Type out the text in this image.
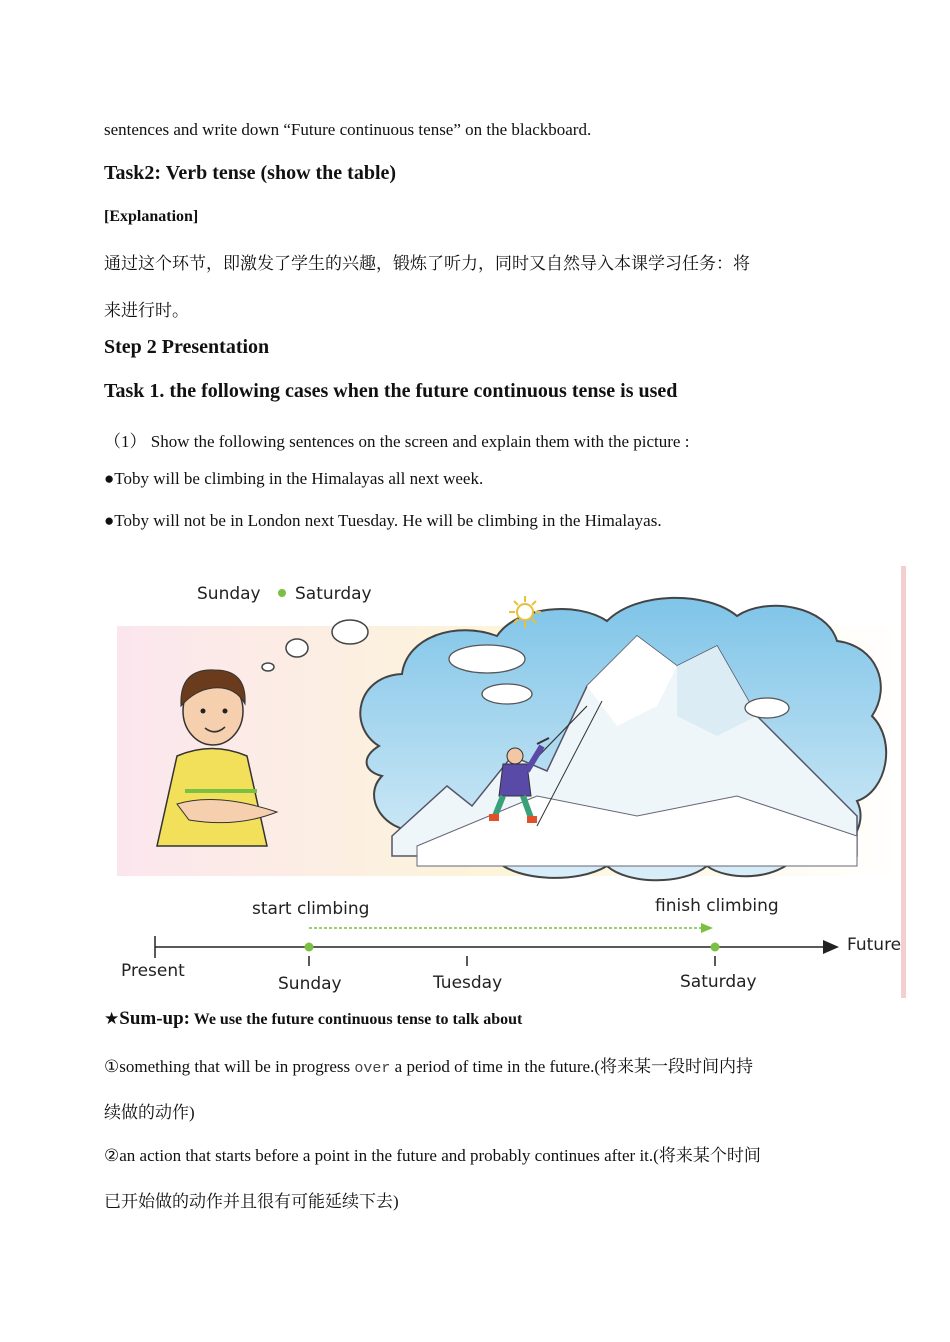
sentences and write down “Future continuous tense” on the blackboard.
Task2: Verb tense (show the table)
[Explanation]
通过这个环节，即激发了学生的兴趣，锻炼了听力，同时又自然导入本课学习任务：将
来进行时。
Step 2 Presentation
Task 1. the following cases when the future continuous tense is used
（1） Show the following sentences on the screen and explain them with the picture :
●Toby will be climbing in the Himalayas all next week.
●Toby will not be in London next Tuesday. He will be climbing in the Himalayas.
Sunday Saturday
start climbing	finish climbing
Present
Future
Sunday	Tuesday	Saturday
★Sum-up: We use the future continuous tense to talk about
①something that will be in progress over a period of time in the future.(将来某一段时间内持
续做的动作)
②an action that starts before a point in the future and probably continues after it.(将来某个时间
已开始做的动作并且很有可能延续下去)
